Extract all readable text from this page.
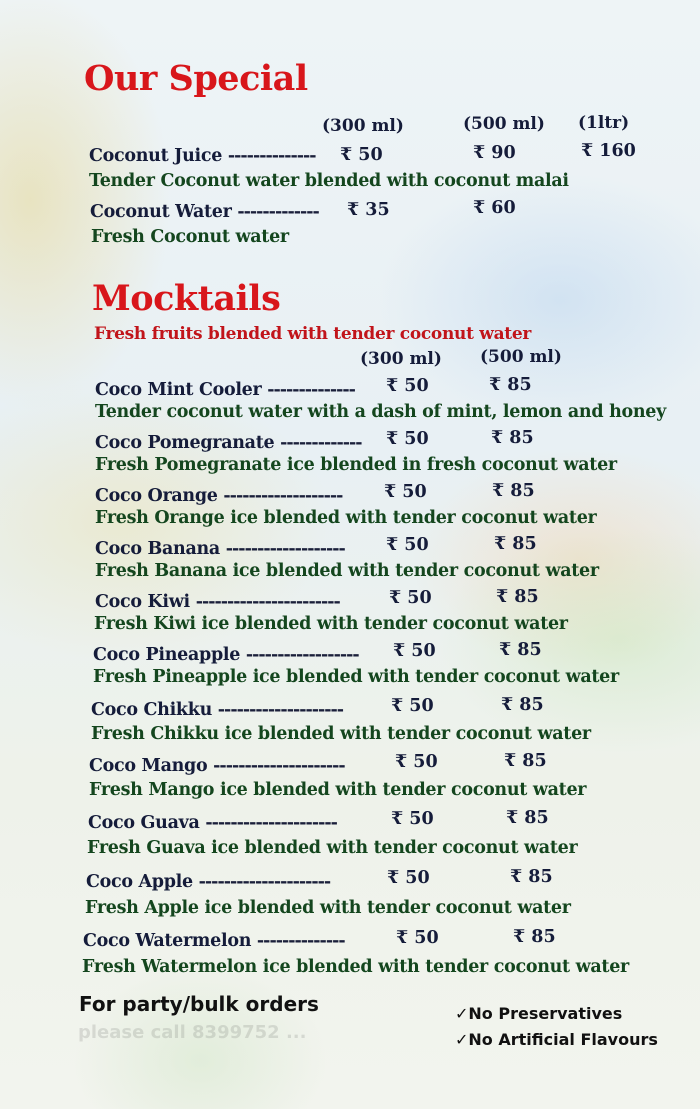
Our Special
(300 ml)	(500 ml) (1ltr)
Coconut Juice -------------- ₹ 50	₹ 90	₹ 160
Tender Coconut water blended with coconut malai
Coconut Water ------------- ₹ 35	₹ 60
Fresh Coconut water
Mocktails
Fresh fruits blended with tender coconut water
(300 ml) (500 ml)
Coco Mint Cooler -------------- ₹ 50	₹ 85
Tender coconut water with a dash of mint, lemon and honey
Coco Pomegranate ------------- ₹ 50	₹ 85
Fresh Pomegranate ice blended in fresh coconut water
Coco Orange ------------------- ₹ 50	₹ 85
Fresh Orange ice blended with tender coconut water
Coco Banana ------------------- ₹ 50	₹ 85
Fresh Banana ice blended with tender coconut water
Coco Kiwi -----------------------	₹ 50	₹ 85
Fresh Kiwi ice blended with tender coconut water
Coco Pineapple ------------------ ₹ 50	₹ 85
Fresh Pineapple ice blended with tender coconut water
Coco Chikku --------------------	₹ 50	₹ 85
Fresh Chikku ice blended with tender coconut water
Coco Mango ---------------------	₹ 50	₹ 85
Fresh Mango ice blended with tender coconut water
Coco Guava ---------------------	₹ 50	₹ 85
Fresh Guava ice blended with tender coconut water
Coco Apple ---------------------	₹ 50	₹ 85
Fresh Apple ice blended with tender coconut water
Coco Watermelon --------------	₹ 50	₹ 85
Fresh Watermelon ice blended with tender coconut water
For party/bulk orders
please call 8399752 ...
✓No Preservatives
✓No Artificial Flavours
